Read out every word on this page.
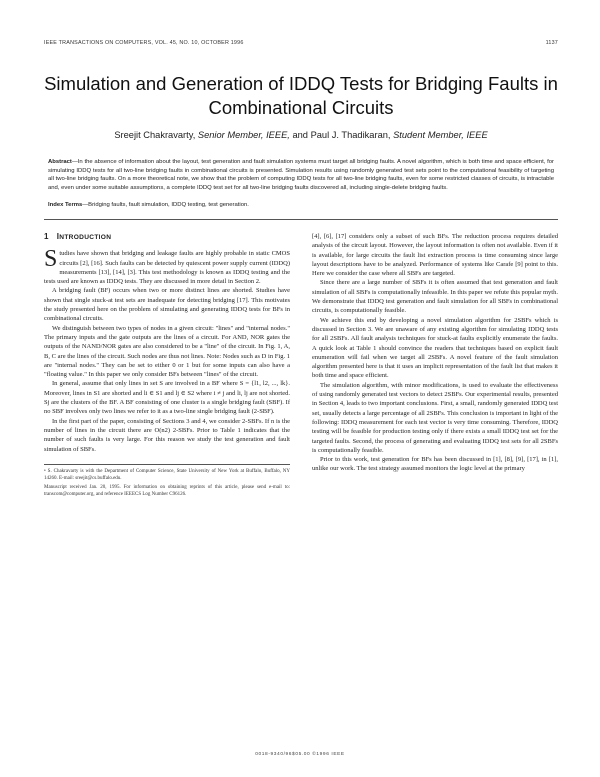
IEEE TRANSACTIONS ON COMPUTERS, VOL. 45, NO. 10, OCTOBER 1996	1137
Simulation and Generation of IDDQ Tests for Bridging Faults in Combinational Circuits
Sreejit Chakravarty, Senior Member, IEEE, and Paul J. Thadikaran, Student Member, IEEE
Abstract—In the absence of information about the layout, test generation and fault simulation systems must target all bridging faults. A novel algorithm, which is both time and space efficient, for simulating IDDQ tests for all two-line bridging faults in combinational circuits is presented. Simulation results using randomly generated test sets point to the computational feasibility of targeting all two-line bridging faults. On a more theoretical note, we show that the problem of computing IDDQ tests for all two-line bridging faults, even for some restricted classes of circuits, is intractable and, even under some suitable assumptions, a complete IDDQ test set for all two-line bridging faults discovered all, including single-delete bridging faults.
Index Terms—Bridging faults, fault simulation, IDDQ testing, test generation.
1 INTRODUCTION

Studies have shown that bridging and leakage faults are highly probable in static CMOS circuits [2], [16]. Such faults can be detected by quiescent power supply current (IDDQ) measurements [13], [14], [3]. This test methodology is known as IDDQ testing and the tests used are known as IDDQ tests. They are discussed in more detail in Section 2.

A bridging fault (BF) occurs when two or more distinct lines are shorted. Studies have shown that single stuck-at test sets are inadequate for detecting bridging [17]. This motivates the study presented here on the problem of simulating and generating IDDQ tests for BFs in combinational circuits.

We distinguish between two types of nodes in a given circuit: "lines" and "internal nodes." The primary inputs and the gate outputs are the lines of a circuit. For AND, NOR gates the outputs of the NAND/NOR gates are also considered to be a "line" of the circuit. In Fig. 1, A, B, C are the lines of the circuit. Such nodes are thus not lines. Note: Nodes such as D in Fig. 1 are "internal nodes." They can be set to either 0 or 1 but for some inputs can also have a "floating value." In this paper we only consider BFs between "lines" of the circuit.

In general, assume that only lines in set S are involved in a BF where S = {l1, l2, ..., lk}. Moreover, lines in S1 are shorted and li ∈ S1 and lj ∈ S2 where i ≠ j and li, lj are not shorted. Sj are the clusters of the BF. A BF consisting of one cluster is a single bridging fault (SBF). If no SBF involves only two lines we refer to it as a two-line single bridging fault (2-SBF).

In the first part of the paper, consisting of Sections 3 and 4, we consider 2-SBFs. If n is the number of lines in the circuit there are O(n2) 2-SBFs. Prior to Table 1 indicates that the number of such faults is very large. For this reason we study the test generation and fault simulation of SBFs.

• S. Chakravarty is with the Department of Computer Science, State University of New York at Buffalo, Buffalo, NY 14260. E-mail: sreejit@cs.buffalo.edu.

Manuscript received Jan. 20, 1995. For information on obtaining reprints of this article, please send e-mail to: transcom@computer.org, and reference IEEECS Log Number C96126.

[4], [6], [17] considers only a subset of such BFs. The reduction process requires detailed analysis of the circuit layout. However, the layout information is often not available. Even if it is available, for large circuits the fault list extraction process is time consuming since large layout descriptions have to be analyzed. Performance of systems like Carafe [9] point to this. Here we consider the case where all SBFs are targeted.

Since there are a large number of SBFs it is often assumed that test generation and fault simulation of all SBFs is computationally infeasible. In this paper we refute this popular myth. We demonstrate that IDDQ test generation and fault simulation for all SBFs in combinational circuits, is computationally feasible.

We achieve this end by developing a novel simulation algorithm for 2SBFs which is discussed in Section 3. We are unaware of any existing algorithm for simulating IDDQ tests for all 2SBFs. All fault analysis techniques for stuck-at faults explicitly enumerate the faults. A quick look at Table 1 should convince the readers that techniques based on explicit fault enumeration will fail when we target all 2SBFs. A novel feature of the fault simulation algorithm presented here is that it uses an implicit representation of the fault list that makes it both time and space efficient.

The simulation algorithm, with minor modifications, is used to evaluate the effectiveness of using randomly generated test vectors to detect 2SBFs. Our experimental results, presented in Section 4, leads to two important conclusions. First, a small, randomly generated IDDQ test set, usually detects a large percentage of all 2SBFs. This conclusion is important in light of the following: IDDQ measurement for each test vector is very time consuming. Therefore, IDDQ testing will be feasible for production testing only if there exists a small IDDQ test set for the targeted faults. Second, the process of generating and evaluating IDDQ test sets for all 2SBFs is computationally feasible.

Prior to this work, test generation for BFs has been discussed in [1], [8], [9], [17], in [1], unlike our work. The test strategy assumed monitors the logic level at the primary

0018-9340/96$05.00 ©1996 IEEE
